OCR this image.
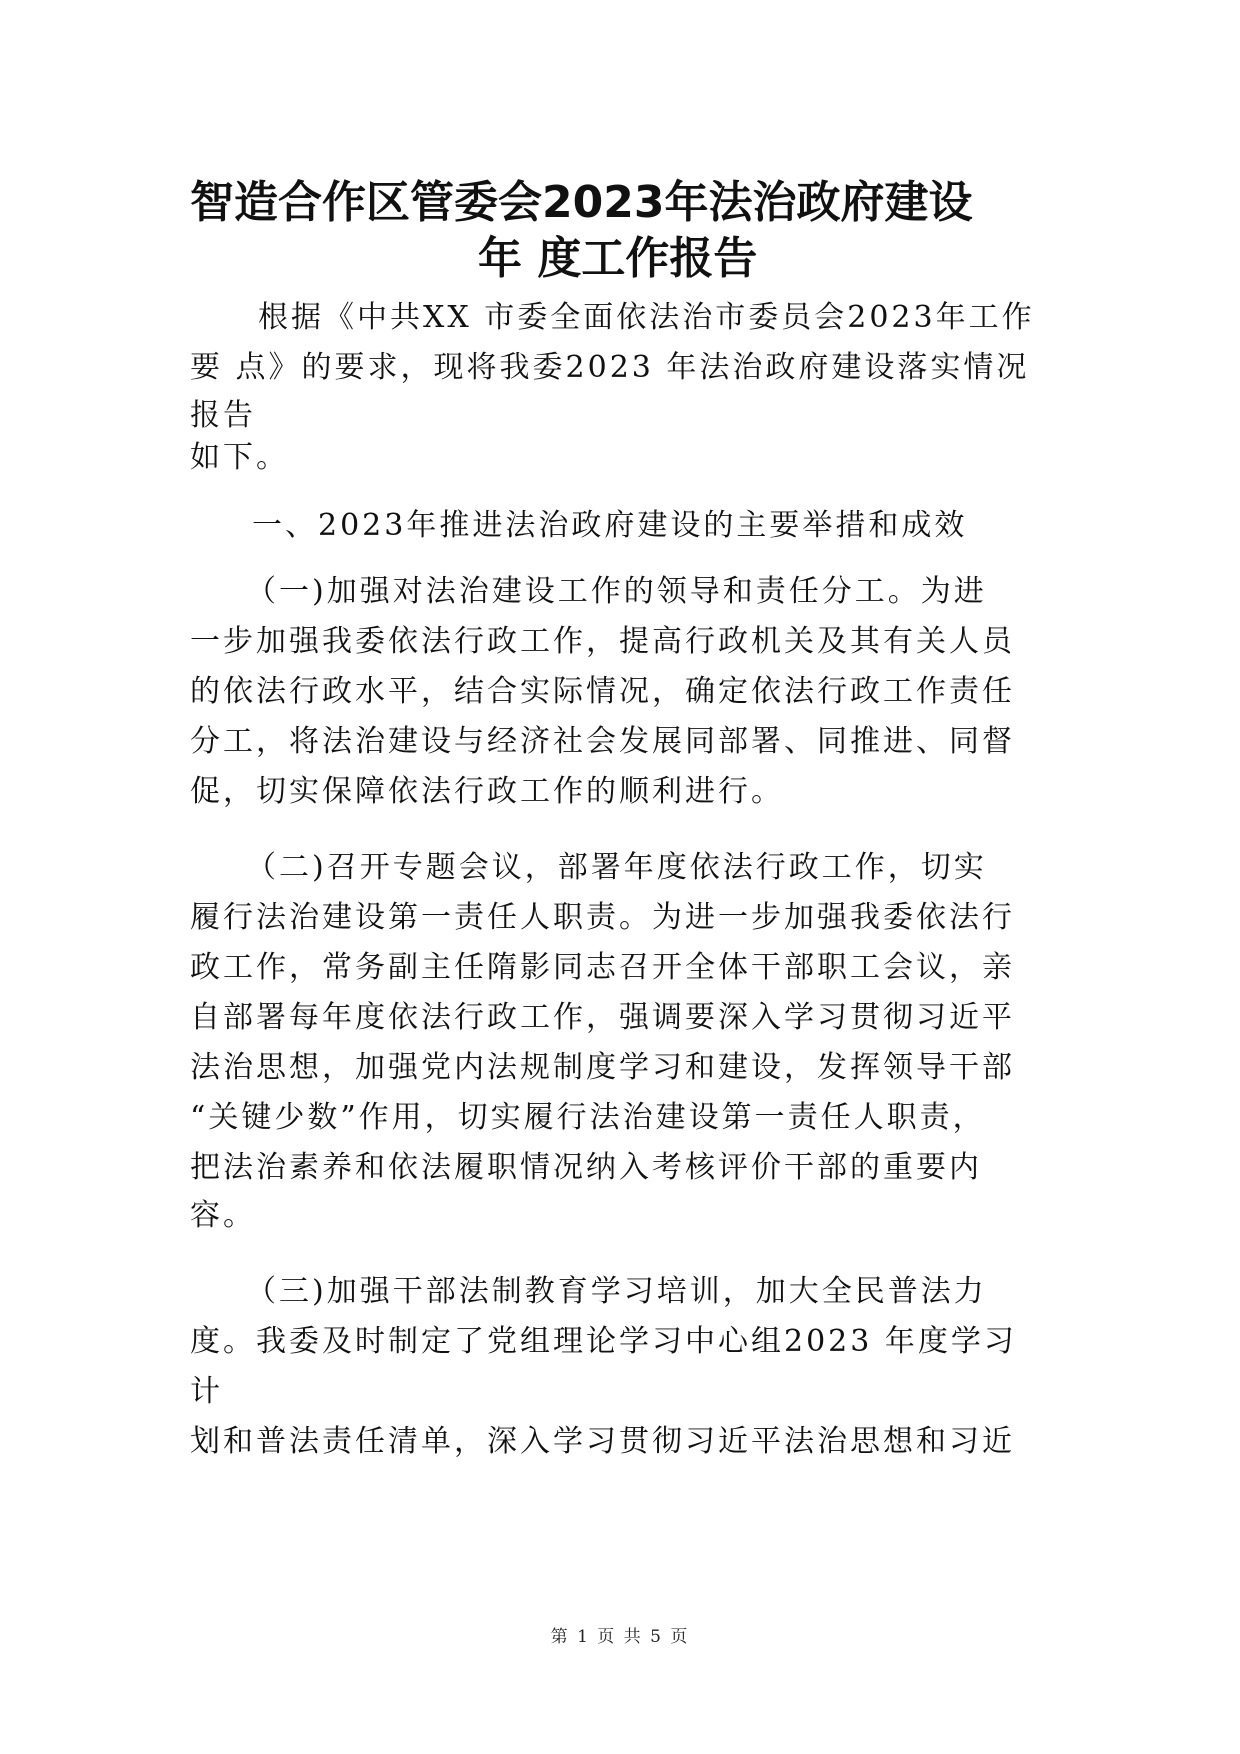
智造合作区管委会2023年法治政府建设
年 度工作报告
根据《中共XX 市委全面依法治市委员会2023年工作
要 点》的要求，现将我委2023 年法治政府建设落实情况
报告
如下。
一、2023年推进法治政府建设的主要举措和成效
（一)加强对法治建设工作的领导和责任分工。为进
一步加强我委依法行政工作，提高行政机关及其有关人员
的依法行政水平，结合实际情况，确定依法行政工作责任
分工，将法治建设与经济社会发展同部署、同推进、同督
促，切实保障依法行政工作的顺利进行。
（二)召开专题会议，部署年度依法行政工作，切实
履行法治建设第一责任人职责。为进一步加强我委依法行
政工作，常务副主任隋影同志召开全体干部职工会议，亲
自部署每年度依法行政工作，强调要深入学习贯彻习近平
法治思想，加强党内法规制度学习和建设，发挥领导干部
“关键少数”作用，切实履行法治建设第一责任人职责，
把法治素养和依法履职情况纳入考核评价干部的重要内
容。
（三)加强干部法制教育学习培训，加大全民普法力
度。我委及时制定了党组理论学习中心组2023 年度学习
计
划和普法责任清单，深入学习贯彻习近平法治思想和习近
第 1 页 共 5 页
